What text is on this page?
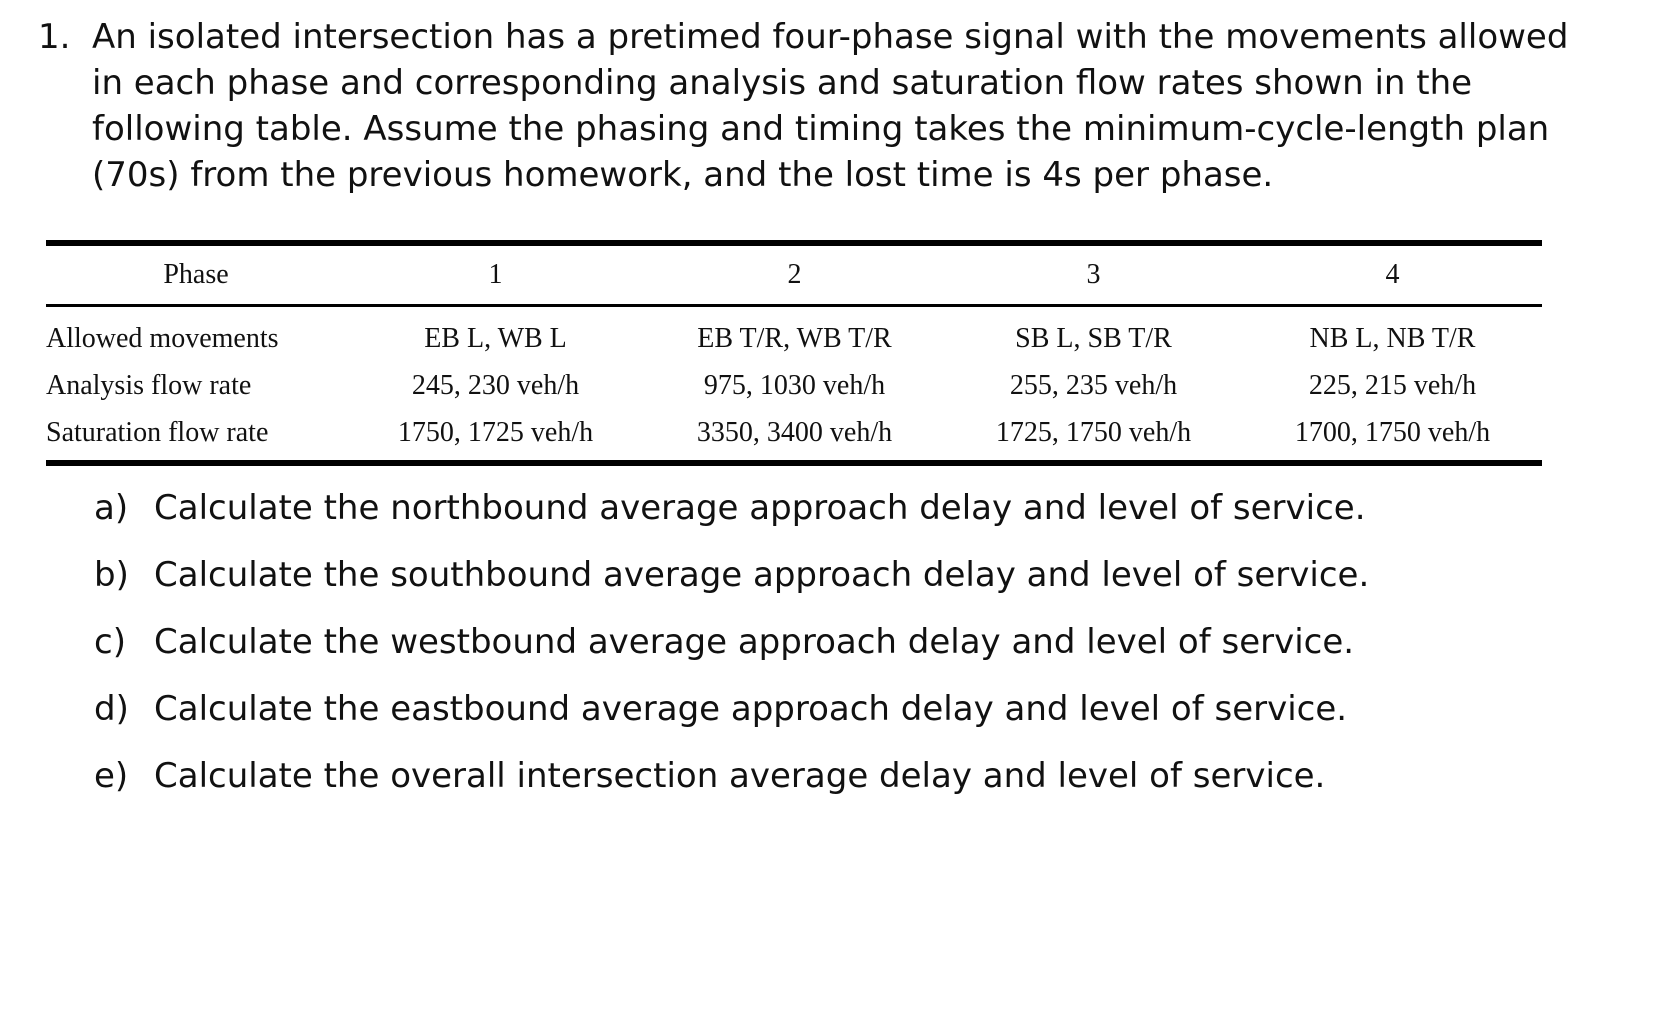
1. An isolated intersection has a pretimed four-phase signal with the movements allowed in each phase and corresponding analysis and saturation flow rates shown in the following table. Assume the phasing and timing takes the minimum-cycle-length plan (70s) from the previous homework, and the lost time is 4s per phase.
Phase	1	2	3	4
Allowed movements	EB L, WB L	EB T/R, WB T/R	SB L, SB T/R	NB L, NB T/R
Analysis flow rate	245, 230 veh/h	975, 1030 veh/h	255, 235 veh/h	225, 215 veh/h
Saturation flow rate	1750, 1725 veh/h	3350, 3400 veh/h	1725, 1750 veh/h	1700, 1750 veh/h
a) Calculate the northbound average approach delay and level of service.
b) Calculate the southbound average approach delay and level of service.
c) Calculate the westbound average approach delay and level of service.
d) Calculate the eastbound average approach delay and level of service.
e) Calculate the overall intersection average delay and level of service.
